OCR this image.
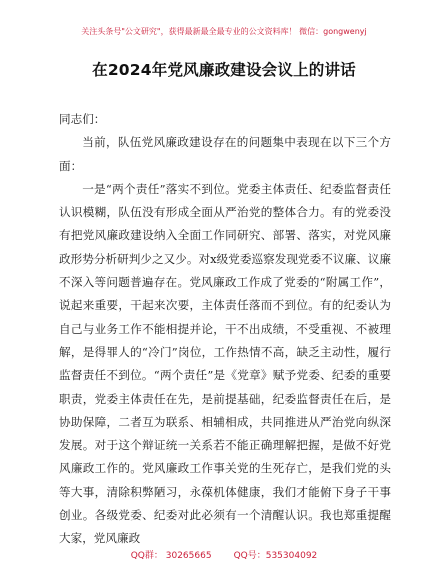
关注头条号"公文研究"，获得最新最全最专业的公文资料库！ 微信：gongwenyj
在2024年党风廉政建设会议上的讲话

同志们：

当前，队伍党风廉政建设存在的问题集中表现在以下三个方面：

一是“两个责任”落实不到位。党委主体责任、纪委监督责任认识模糊，队伍没有形成全面从严治党的整体合力。有的党委没有把党风廉政建设纳入全面工作同研究、部署、落实，对党风廉政形势分析研判少之又少。对x级党委巡察发现党委不议廉、议廉不深入等问题普遍存在。党风廉政工作成了党委的“附属工作”，说起来重要，干起来次要，主体责任落而不到位。有的纪委认为自己与业务工作不能相提并论，干不出成绩，不受重视、不被理解，是得罪人的“冷门”岗位，工作热情不高，缺乏主动性，履行监督责任不到位。“两个责任”是《党章》赋予党委、纪委的重要职责，党委主体责任在先，是前提基础，纪委监督责任在后，是协助保障，二者互为联系、相辅相成，共同推进从严治党向纵深发展。对于这个辩证统一关系若不能正确理解把握，是做不好党风廉政工作的。党风廉政工作事关党的生死存亡，是我们党的头等大事，清除积弊陋习，永葆机体健康，我们才能俯下身子干事创业。各级党委、纪委对此必须有一个清醒认识。我也郑重提醒大家，党风廉政

QQ群： 30265665 QQ号：535304092
